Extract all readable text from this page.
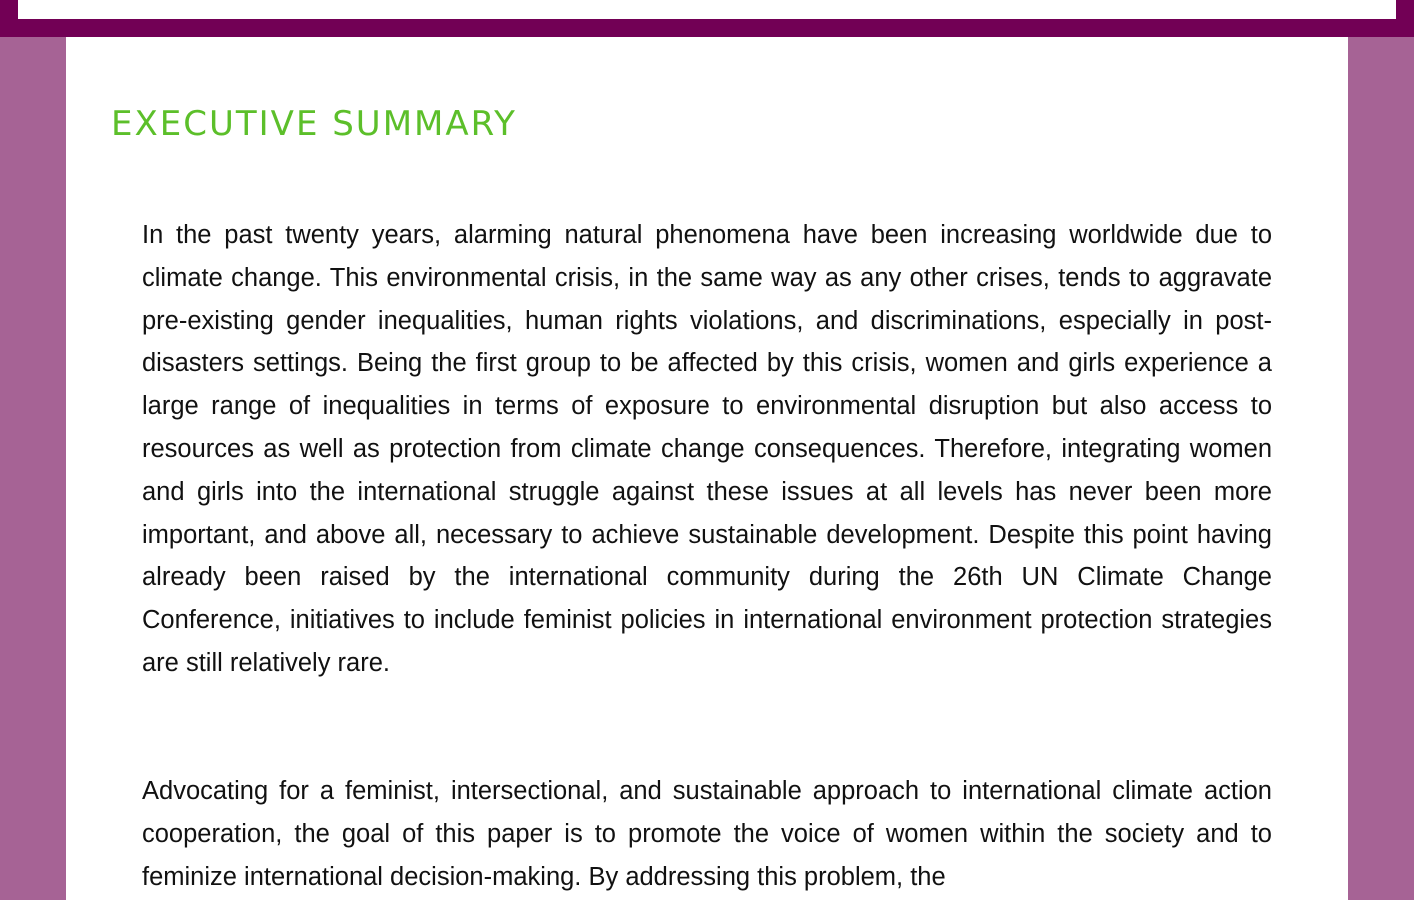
EXECUTIVE SUMMARY

In the past twenty years, alarming natural phenomena have been increasing worldwide due to climate change. This environmental crisis, in the same way as any other crises, tends to aggravate pre-existing gender inequalities, human rights violations, and discriminations, especially in post-disasters settings. Being the first group to be affected by this crisis, women and girls experience a large range of inequalities in terms of exposure to environmental disruption but also access to resources as well as protection from climate change consequences. Therefore, integrating women and girls into the international struggle against these issues at all levels has never been more important, and above all, necessary to achieve sustainable development. Despite this point having already been raised by the international community during the 26th UN Climate Change Conference, initiatives to include feminist policies in international environment protection strategies are still relatively rare.

Advocating for a feminist, intersectional, and sustainable approach to international climate action cooperation, the goal of this paper is to promote the voice of women within the society and to feminize international decision-making. By addressing this problem, the
